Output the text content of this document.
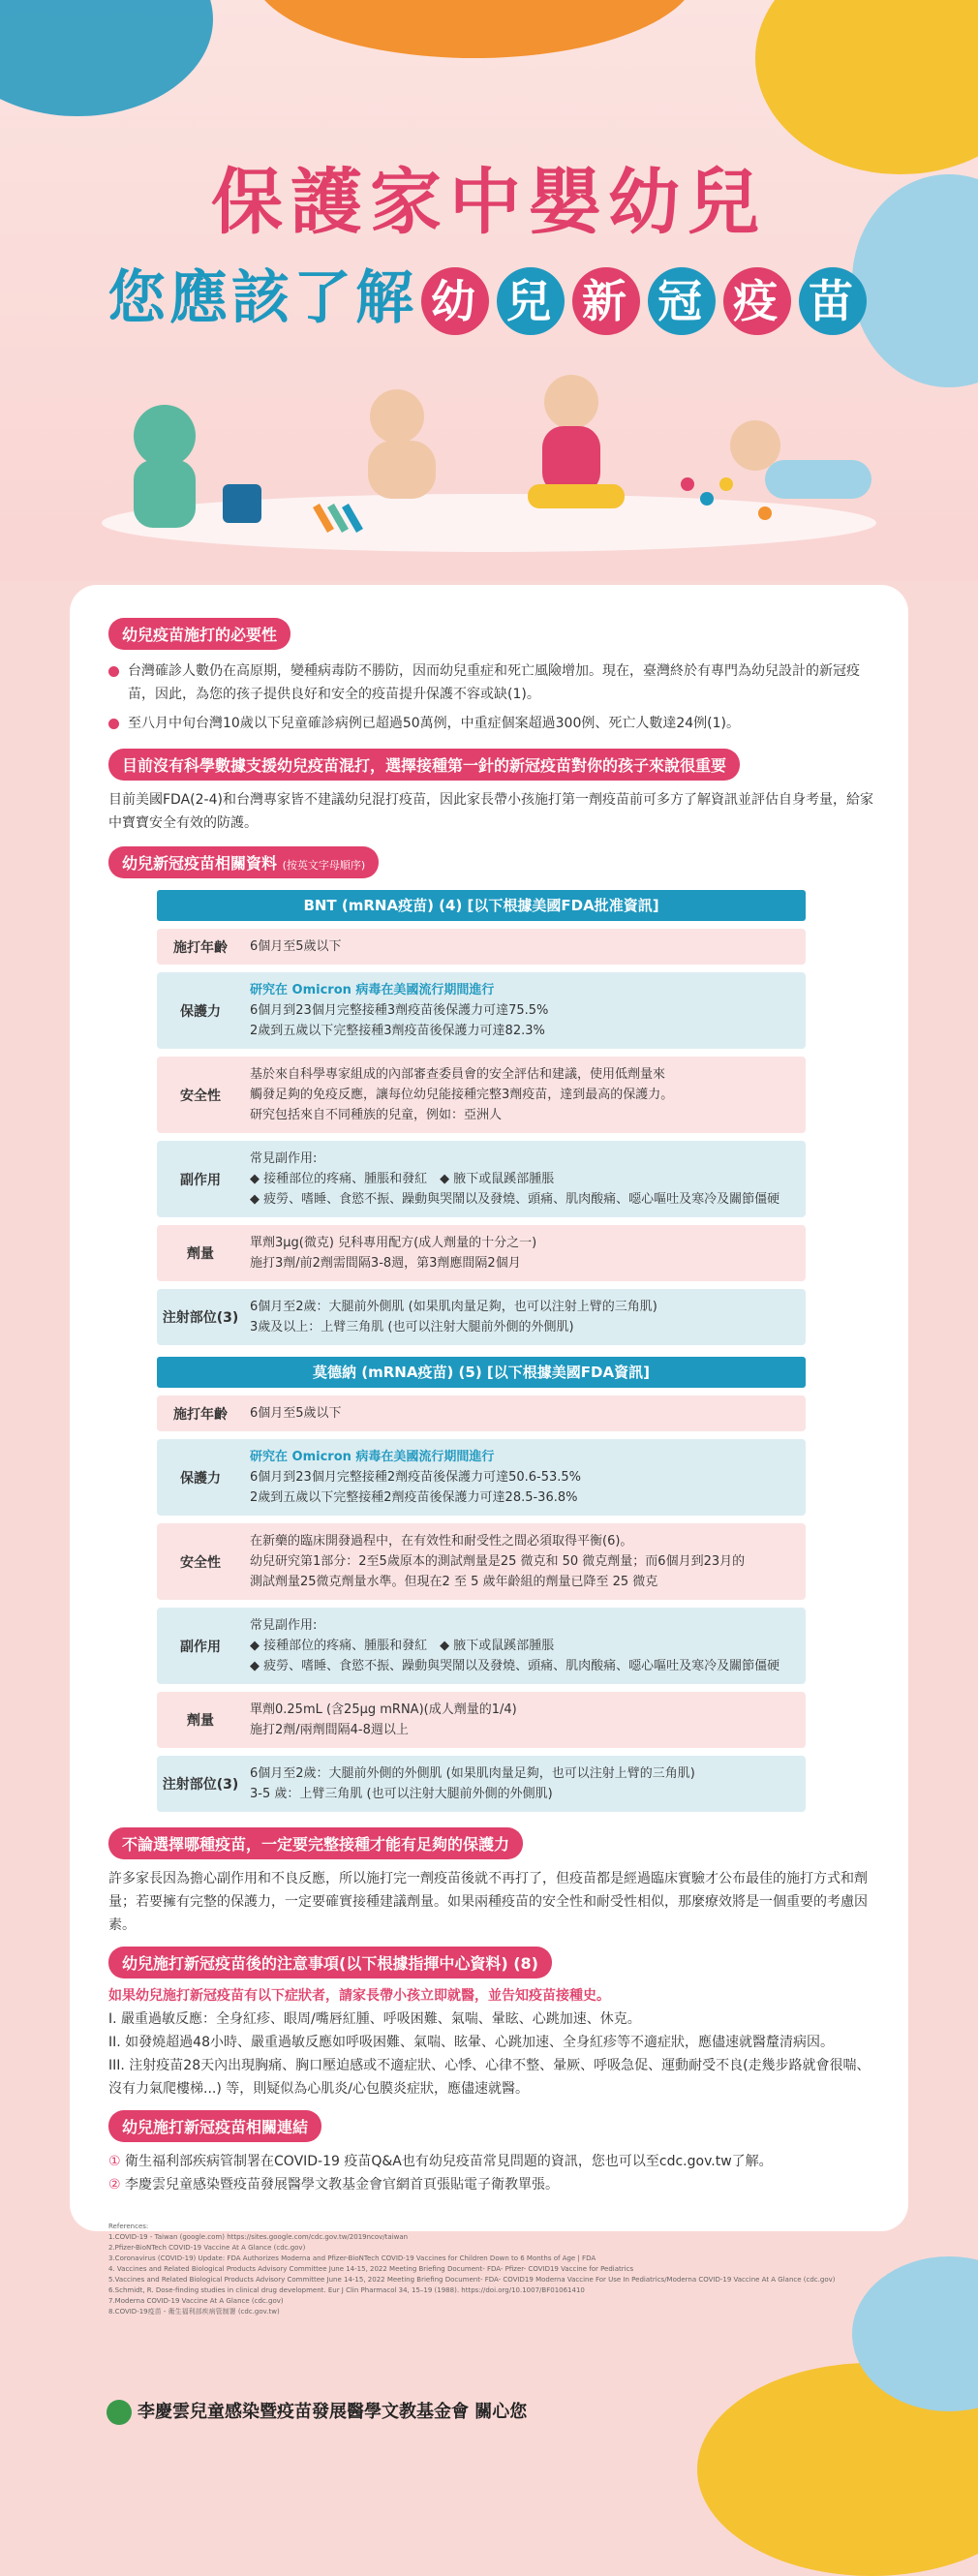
保護家中嬰幼兒
您應該了解 幼 兒 新 冠 疫 苗
幼兒疫苗施打的必要性
台灣確診人數仍在高原期，變種病毒防不勝防，因而幼兒重症和死亡風險增加。現在，臺灣終於有專門為幼兒設計的新冠疫苗，因此，為您的孩子提供良好和安全的疫苗提升保護不容或缺(1)。
至八月中旬台灣10歲以下兒童確診病例已超過50萬例，中重症個案超過300例、死亡人數達24例(1)。
目前沒有科學數據支援幼兒疫苗混打，選擇接種第一針的新冠疫苗對你的孩子來說很重要
目前美國FDA(2-4)和台灣專家皆不建議幼兒混打疫苗，因此家長帶小孩施打第一劑疫苗前可多方了解資訊並評估自身考量，給家中寶寶安全有效的防護。
幼兒新冠疫苗相關資料 (按英文字母順序)
BNT (mRNA疫苗) (4) [以下根據美國FDA批准資訊]
施打年齡	6個月至5歲以下
保護力
研究在 Omicron 病毒在美國流行期間進行
6個月到23個月完整接種3劑疫苗後保護力可達75.5%
2歲到五歲以下完整接種3劑疫苗後保護力可達82.3%
安全性
基於來自科學專家組成的內部審查委員會的安全評估和建議，使用低劑量來
觸發足夠的免疫反應，讓每位幼兒能接種完整3劑疫苗，達到最高的保護力。
研究包括來自不同種族的兒童，例如：亞洲人
副作用
常見副作用:
◆ 接種部位的疼痛、腫脹和發紅　◆ 腋下或鼠蹊部腫脹
◆ 疲勞、嗜睡、食慾不振、躁動與哭鬧以及發燒、頭痛、肌肉酸痛、噁心嘔吐及寒冷及關節僵硬
劑量
單劑3μg(微克) 兒科專用配方(成人劑量的十分之一)
施打3劑/前2劑需間隔3-8週，第3劑應間隔2個月
注射部位(3)
6個月至2歲：大腿前外側肌 (如果肌肉量足夠，也可以注射上臂的三角肌)
3歲及以上：上臂三角肌 (也可以注射大腿前外側的外側肌)
莫德納 (mRNA疫苗) (5) [以下根據美國FDA資訊]
施打年齡	6個月至5歲以下
保護力
研究在 Omicron 病毒在美國流行期間進行
6個月到23個月完整接種2劑疫苗後保護力可達50.6-53.5%
2歲到五歲以下完整接種2劑疫苗後保護力可達28.5-36.8%
安全性
在新藥的臨床開發過程中，在有效性和耐受性之間必須取得平衡(6)。
幼兒研究第1部分：2至5歲原本的測試劑量是25 微克和 50 微克劑量；而6個月到23月的
測試劑量25微克劑量水準。但現在2 至 5 歲年齡組的劑量已降至 25 微克
副作用
常見副作用:
◆ 接種部位的疼痛、腫脹和發紅　◆ 腋下或鼠蹊部腫脹
◆ 疲勞、嗜睡、食慾不振、躁動與哭鬧以及發燒、頭痛、肌肉酸痛、噁心嘔吐及寒冷及關節僵硬
劑量
單劑0.25mL (含25μg mRNA)(成人劑量的1/4)
施打2劑/兩劑間隔4-8週以上
注射部位(3)
6個月至2歲：大腿前外側的外側肌 (如果肌肉量足夠，也可以注射上臂的三角肌)
3-5 歲：上臂三角肌 (也可以注射大腿前外側的外側肌)
不論選擇哪種疫苗，一定要完整接種才能有足夠的保護力
許多家長因為擔心副作用和不良反應，所以施打完一劑疫苗後就不再打了，但疫苗都是經過臨床實驗才公布最佳的施打方式和劑量；若要擁有完整的保護力，一定要確實接種建議劑量。如果兩種疫苗的安全性和耐受性相似，那麼療效將是一個重要的考慮因素。
幼兒施打新冠疫苗後的注意事項(以下根據指揮中心資料) (8)
如果幼兒施打新冠疫苗有以下症狀者，請家長帶小孩立即就醫，並告知疫苗接種史。
I. 嚴重過敏反應：全身紅疹、眼周/嘴唇紅腫、呼吸困難、氣喘、暈眩、心跳加速、休克。
II. 如發燒超過48小時、嚴重過敏反應如呼吸困難、氣喘、眩暈、心跳加速、全身紅疹等不適症狀，應儘速就醫釐清病因。
III. 注射疫苗28天內出現胸痛、胸口壓迫感或不適症狀、心悸、心律不整、暈厥、呼吸急促、運動耐受不良(走幾步路就會很喘、沒有力氣爬樓梯...) 等，則疑似為心肌炎/心包膜炎症狀，應儘速就醫。
幼兒施打新冠疫苗相關連結
① 衛生福利部疾病管制署在COVID-19 疫苗Q&A也有幼兒疫苗常見問題的資訊，您也可以至cdc.gov.tw了解。
② 李慶雲兒童感染暨疫苗發展醫學文教基金會官網首頁張貼電子衛教單張。
References:
1.COVID-19 - Taiwan (google.com) https://sites.google.com/cdc.gov.tw/2019ncov/taiwan
2.Pfizer-BioNTech COVID-19 Vaccine At A Glance (cdc.gov)
3.Coronavirus (COVID-19) Update: FDA Authorizes Moderna and Pfizer-BioNTech COVID-19 Vaccines for Children Down to 6 Months of Age | FDA
4. Vaccines and Related Biological Products Advisory Committee June 14-15, 2022 Meeting Briefing Document- FDA- Pfizer- COVID19 Vaccine for Pediatrics
5.Vaccines and Related Biological Products Advisory Committee June 14-15, 2022 Meeting Briefing Document- FDA- COVID19 Moderna Vaccine For Use In Pediatrics/Moderna COVID-19 Vaccine At A Glance (cdc.gov)
6.Schmidt, R. Dose-finding studies in clinical drug development. Eur J Clin Pharmacol 34, 15–19 (1988). https://doi.org/10.1007/BF01061410
7.Moderna COVID-19 Vaccine At A Glance (cdc.gov)
8.COVID-19疫苗 - 衛生福利部疾病管制署 (cdc.gov.tw)
李慶雲兒童感染暨疫苗發展醫學文教基金會 關心您
